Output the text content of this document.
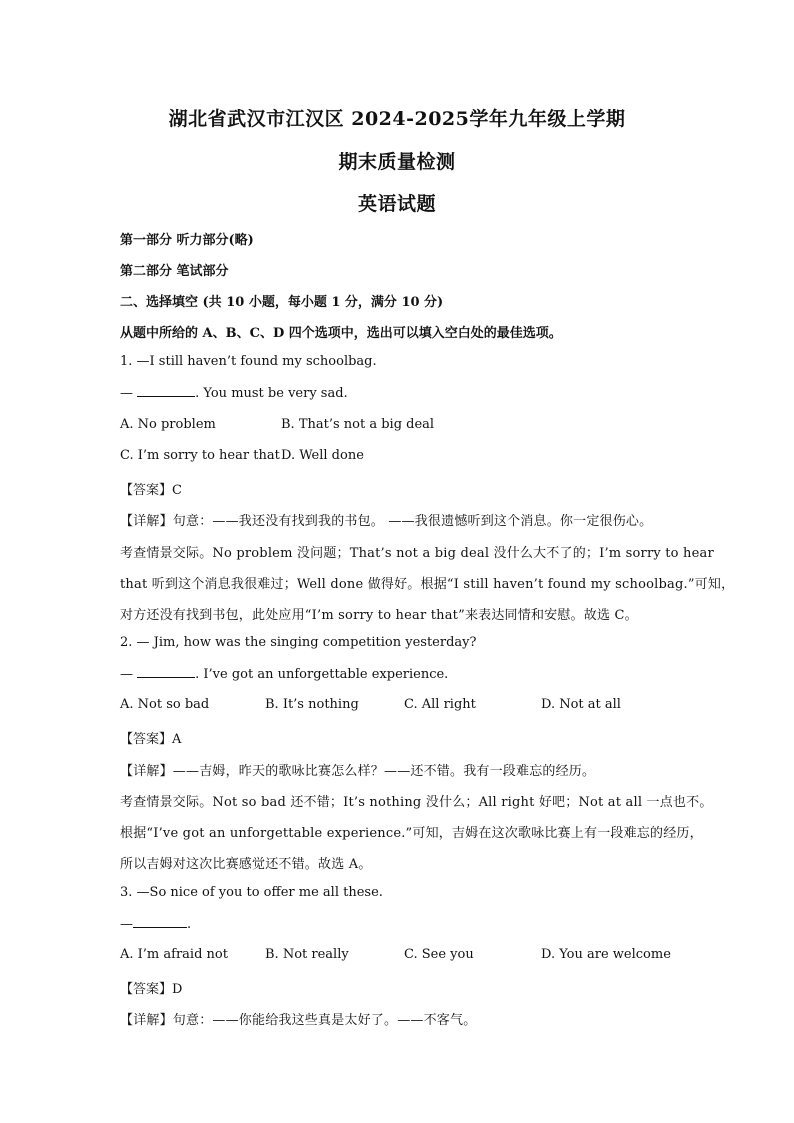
湖北省武汉市江汉区 2024-2025学年九年级上学期
期末质量检测
英语试题
第一部分 听力部分(略)
第二部分 笔试部分
二、选择填空 (共 10 小题，每小题 1 分，满分 10 分)
从题中所给的 A、B、C、D 四个选项中，选出可以填入空白处的最佳选项。
1. —I still haven’t found my schoolbag.
—	. You must be very sad.
A. No problem	B. That’s not a big deal
C. I’m sorry to hear that D. Well done
【答案】C
【详解】句意：——我还没有找到我的书包。 ——我很遗憾听到这个消息。你一定很伤心。
考查情景交际。No problem 没问题；That’s not a big deal 没什么大不了的；I’m sorry to hear
that 听到这个消息我很难过；Well done 做得好。根据“I still haven’t found my schoolbag.”可知，
对方还没有找到书包，此处应用“I’m sorry to hear that”来表达同情和安慰。故选 C。
2. — Jim, how was the singing competition yesterday?
—	. I’ve got an unforgettable experience.
A. Not so bad	B. It’s nothing	C. All right	D. Not at all
【答案】A
【详解】——吉姆，昨天的歌咏比赛怎么样？——还不错。我有一段难忘的经历。
考查情景交际。Not so bad 还不错；It’s nothing 没什么；All right 好吧；Not at all 一点也不。
根据“I’ve got an unforgettable experience.”可知，吉姆在这次歌咏比赛上有一段难忘的经历，
所以吉姆对这次比赛感觉还不错。故选 A。
3. —So nice of you to offer me all these.
—	.
A. I’m afraid not	B. Not really	C. See you	D. You are welcome
【答案】D
【详解】句意：——你能给我这些真是太好了。——不客气。
